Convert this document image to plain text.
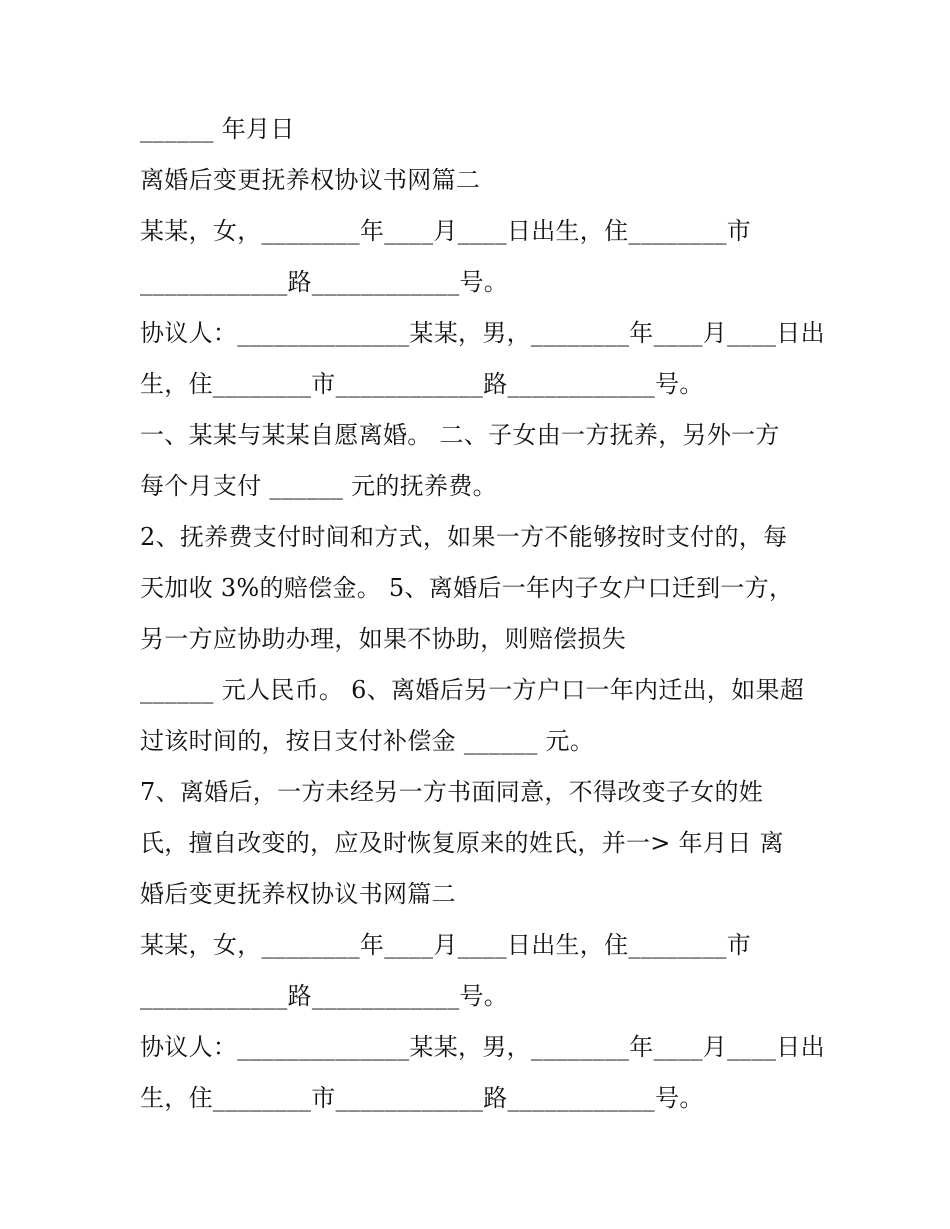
______ 年月日
离婚后变更抚养权协议书网篇二
某某，女，________年____月____日出生，住________市
____________路____________号。
协议人：______________某某，男，________年____月____日出
生，住________市____________路____________号。
一、某某与某某自愿离婚。 二、子女由一方抚养，另外一方
每个月支付 ______ 元的抚养费。
2、抚养费支付时间和方式，如果一方不能够按时支付的，每
天加收 3%的赔偿金。 5、离婚后一年内子女户口迁到一方，
另一方应协助办理，如果不协助，则赔偿损失
______ 元人民币。 6、离婚后另一方户口一年内迁出，如果超
过该时间的，按日支付补偿金 ______ 元。
7、离婚后，一方未经另一方书面同意，不得改变子女的姓
氏，擅自改变的，应及时恢复原来的姓氏，并一> 年月日 离
婚后变更抚养权协议书网篇二
某某，女，________年____月____日出生，住________市
____________路____________号。
协议人：______________某某，男，________年____月____日出
生，住________市____________路____________号。
